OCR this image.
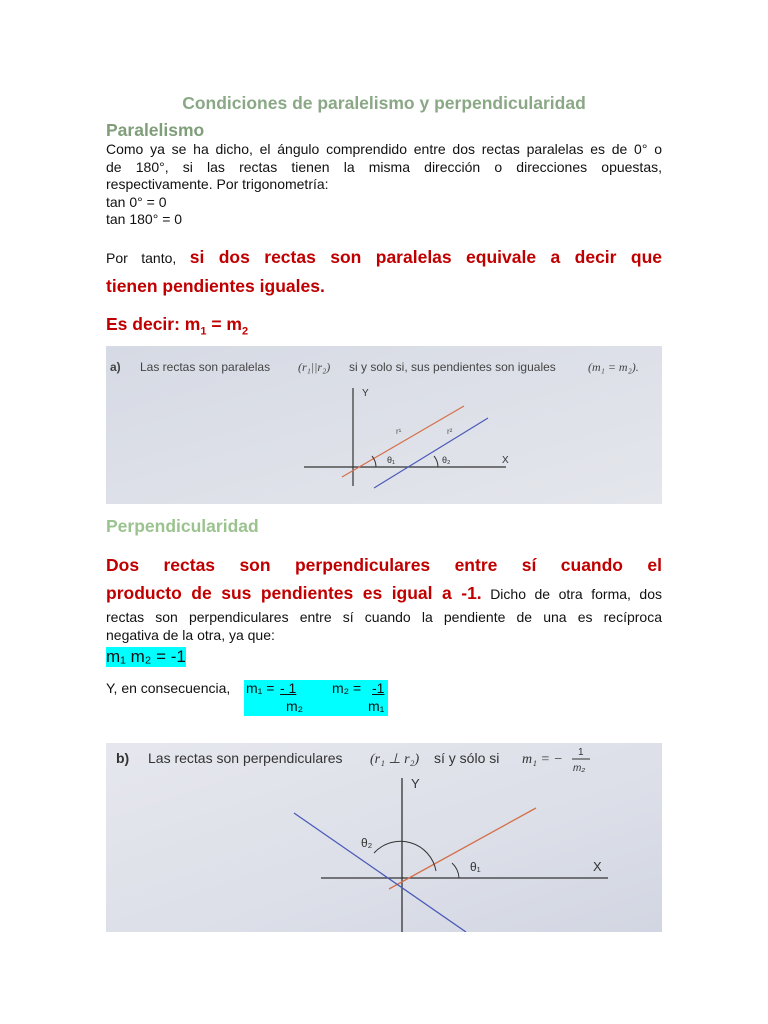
Condiciones de paralelismo y perpendicularidad
Paralelismo
Como ya se ha dicho, el ángulo comprendido entre dos rectas paralelas es de 0° o
de 180°, si las rectas tienen la misma dirección o direcciones opuestas,
respectivamente. Por trigonometría:
tan 0° = 0
tan 180° = 0
Por tanto, si dos rectas son paralelas equivale a decir que
tienen pendientes iguales.
Es decir: $m_1 = m_2$
a) Las rectas son paralelas (r₁||r₂) si y solo si, sus pendientes son iguales	(m₁ = m₂).
Y
X
r¹	r²
θ₁	θ₂
Perpendicularidad
Dos rectas son perpendiculares entre sí cuando el
producto de sus pendientes es igual a -1. Dicho de otra forma, dos
rectas son perpendiculares entre sí cuando la pendiente de una es recíproca
negativa de la otra, ya que:
m₁ m₂ = -1
Y, en consecuencia, m₁ = - 1
m₂
m₂ = -1
m₁
b) Las rectas son perpendiculares (r₁ ⊥ r₂) sí y sólo si m₁ = − 1
m₂
Y
X
θ₁
θ₂
